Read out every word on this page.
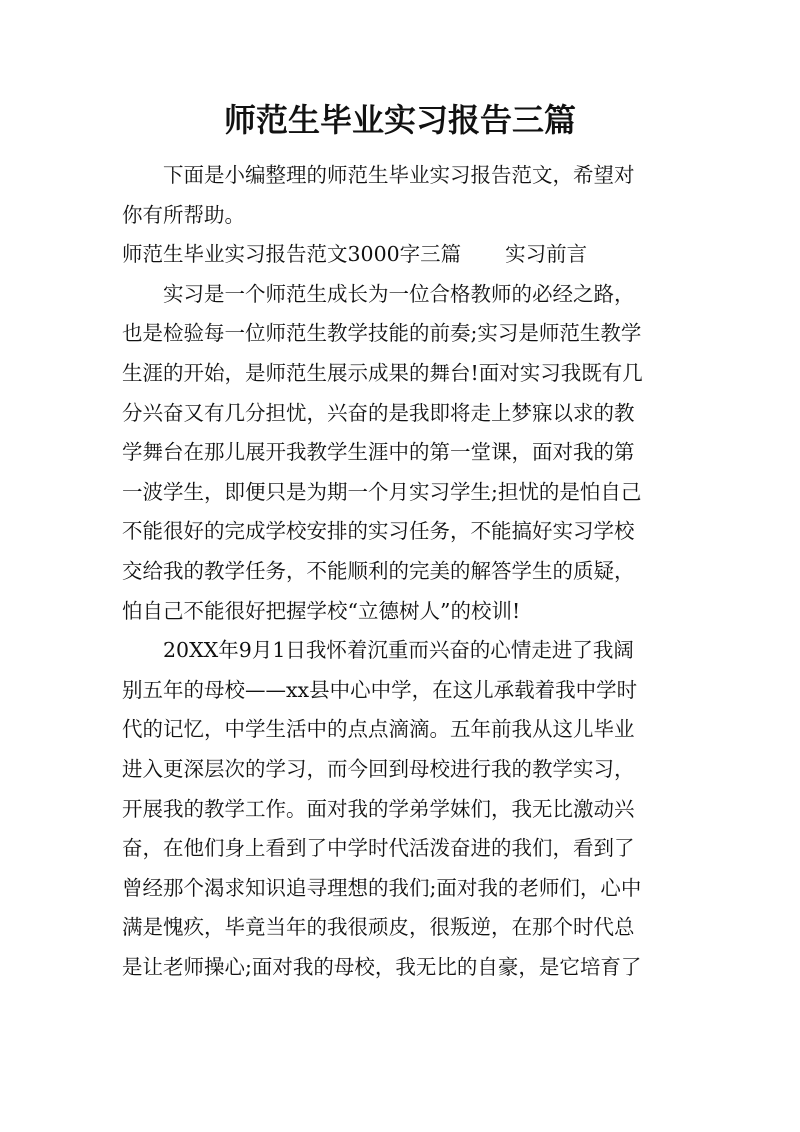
师范生毕业实习报告三篇
下面是小编整理的师范生毕业实习报告范文，希望对
你有所帮助。
师范生毕业实习报告范文3000字三篇 实习前言
实习是一个师范生成长为一位合格教师的必经之路，
也是检验每一位师范生教学技能的前奏;实习是师范生教学
生涯的开始，是师范生展示成果的舞台!面对实习我既有几
分兴奋又有几分担忧，兴奋的是我即将走上梦寐以求的教
学舞台在那儿展开我教学生涯中的第一堂课，面对我的第
一波学生，即便只是为期一个月实习学生;担忧的是怕自己
不能很好的完成学校安排的实习任务，不能搞好实习学校
交给我的教学任务，不能顺利的完美的解答学生的质疑，
怕自己不能很好把握学校“立德树人”的校训!
20XX年9月1日我怀着沉重而兴奋的心情走进了我阔
别五年的母校——xx县中心中学，在这儿承载着我中学时
代的记忆，中学生活中的点点滴滴。五年前我从这儿毕业
进入更深层次的学习，而今回到母校进行我的教学实习，
开展我的教学工作。面对我的学弟学妹们，我无比激动兴
奋，在他们身上看到了中学时代活泼奋进的我们，看到了
曾经那个渴求知识追寻理想的我们;面对我的老师们，心中
满是愧疚，毕竟当年的我很顽皮，很叛逆，在那个时代总
是让老师操心;面对我的母校，我无比的自豪，是它培育了
